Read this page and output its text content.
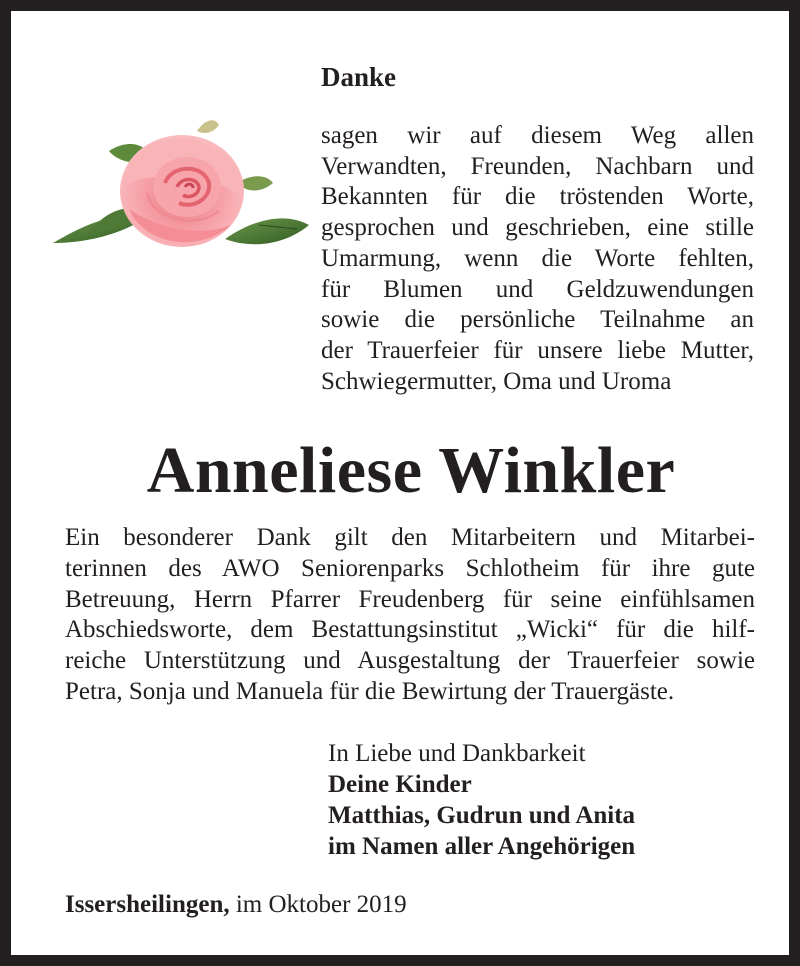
Danke

sagen wir auf diesem Weg allen
Verwandten, Freunden, Nachbarn und
Bekannten für die tröstenden Worte,
gesprochen und geschrieben, eine stille
Umarmung, wenn die Worte fehlten,
für Blumen und Geldzuwendungen
sowie die persönliche Teilnahme an
der Trauerfeier für unsere liebe Mutter,
Schwiegermutter, Oma und Uroma

Anneliese Winkler

Ein besonderer Dank gilt den Mitarbeitern und Mitarbei-
terinnen des AWO Seniorenparks Schlotheim für ihre gute
Betreuung, Herrn Pfarrer Freudenberg für seine einfühlsamen
Abschiedsworte, dem Bestattungsinstitut „Wicki“ für die hilf-
reiche Unterstützung und Ausgestaltung der Trauerfeier sowie
Petra, Sonja und Manuela für die Bewirtung der Trauergäste.

In Liebe und Dankbarkeit
Deine Kinder
Matthias, Gudrun und Anita
im Namen aller Angehörigen

Issersheilingen, im Oktober 2019
